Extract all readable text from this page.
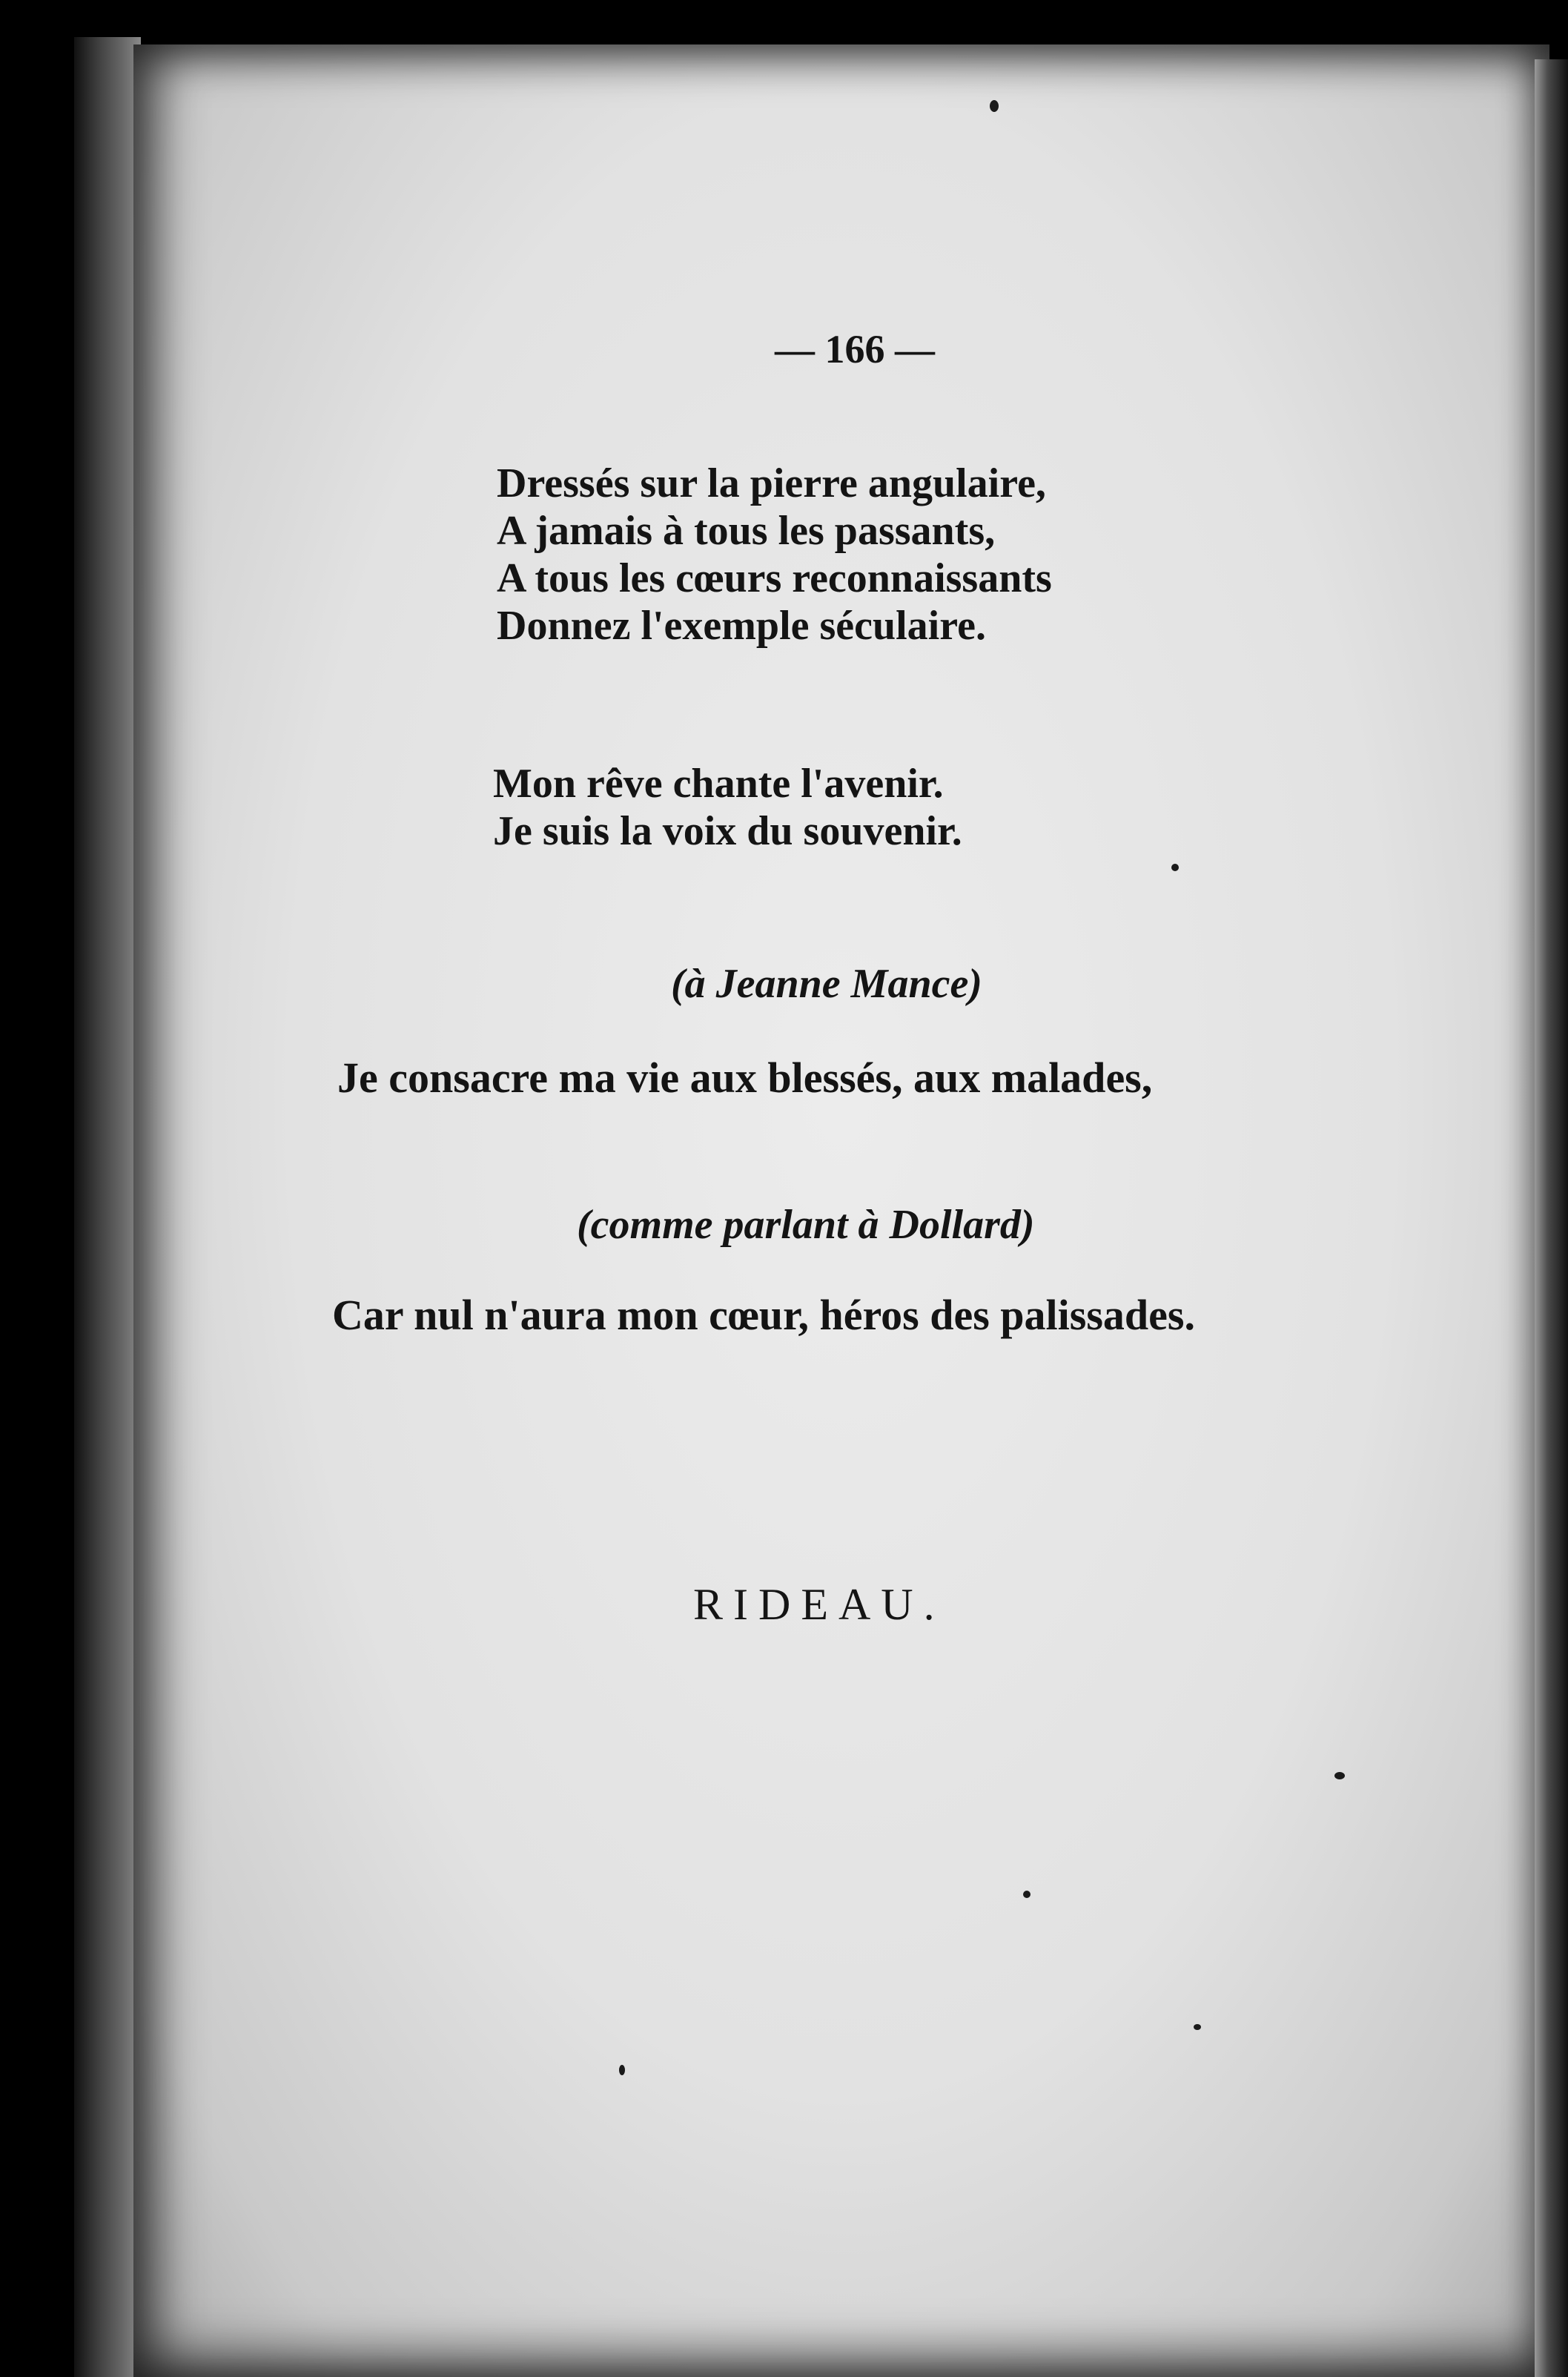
— 166 —
Dressés sur la pierre angulaire,
A jamais à tous les passants,
A tous les cœurs reconnaissants
Donnez l'exemple séculaire.
Mon rêve chante l'avenir.
Je suis la voix du souvenir.
(à Jeanne Mance)
Je consacre ma vie aux blessés, aux malades,
(comme parlant à Dollard)
Car nul n'aura mon cœur, héros des palissades.
RIDEAU.
